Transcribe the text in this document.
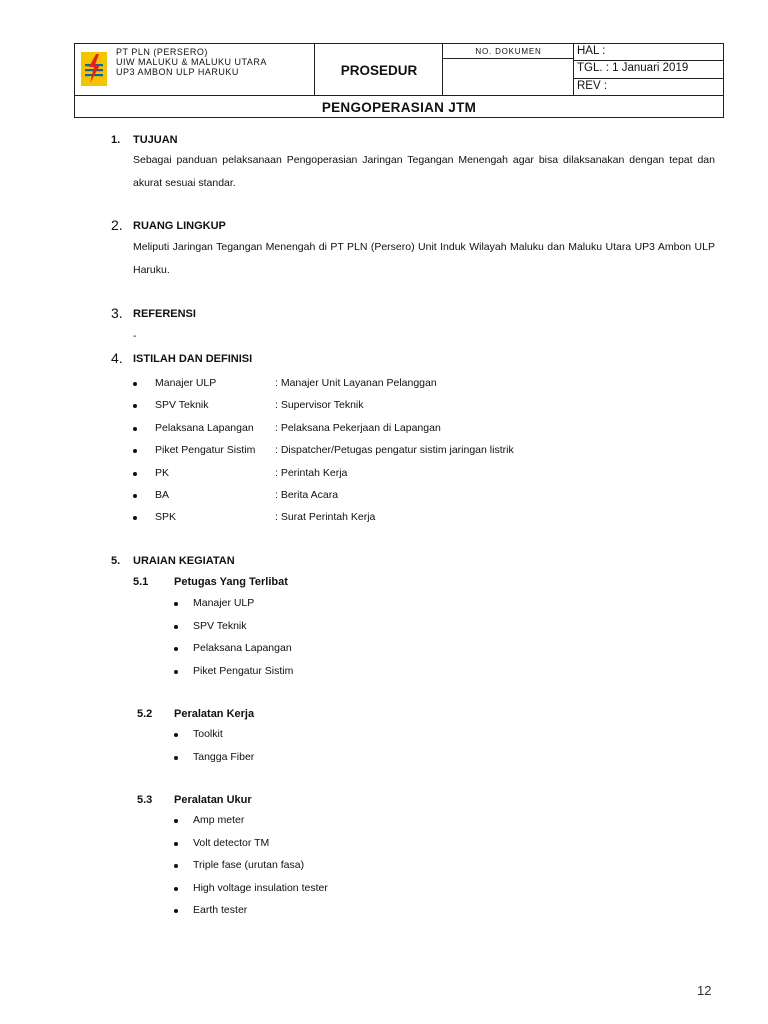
PT PLN (PERSERO)
UIW MALUKU & MALUKU UTARA
UP3 AMBON ULP HARUKU	PROSEDUR
NO. DOKUMEN	HAL :
TGL. : 1 Januari 2019
REV :
PENGOPERASIAN JTM
1. TUJUAN
Sebagai panduan pelaksanaan Pengoperasian Jaringan Tegangan Menengah agar bisa dilaksanakan dengan tepat dan akurat sesuai standar.
2. RUANG LINGKUP
Meliputi Jaringan Tegangan Menengah di PT PLN (Persero) Unit Induk Wilayah Maluku dan Maluku Utara UP3 Ambon ULP Haruku.
3. REFERENSI
-
4. ISTILAH DAN DEFINISI
Manajer ULP	: Manajer Unit Layanan Pelanggan
SPV Teknik	: Supervisor Teknik
Pelaksana Lapangan : Pelaksana Pekerjaan di Lapangan
Piket Pengatur Sistim : Dispatcher/Petugas pengatur sistim jaringan listrik
PK	: Perintah Kerja
BA	: Berita Acara
SPK	: Surat Perintah Kerja
5. URAIAN KEGIATAN
5.1 Petugas Yang Terlibat
Manajer ULP
SPV Teknik
Pelaksana Lapangan
Piket Pengatur Sistim
5.2 Peralatan Kerja
Toolkit
Tangga Fiber
5.3 Peralatan Ukur
Amp meter
Volt detector TM
Triple fase (urutan fasa)
High voltage insulation tester
Earth tester
12
